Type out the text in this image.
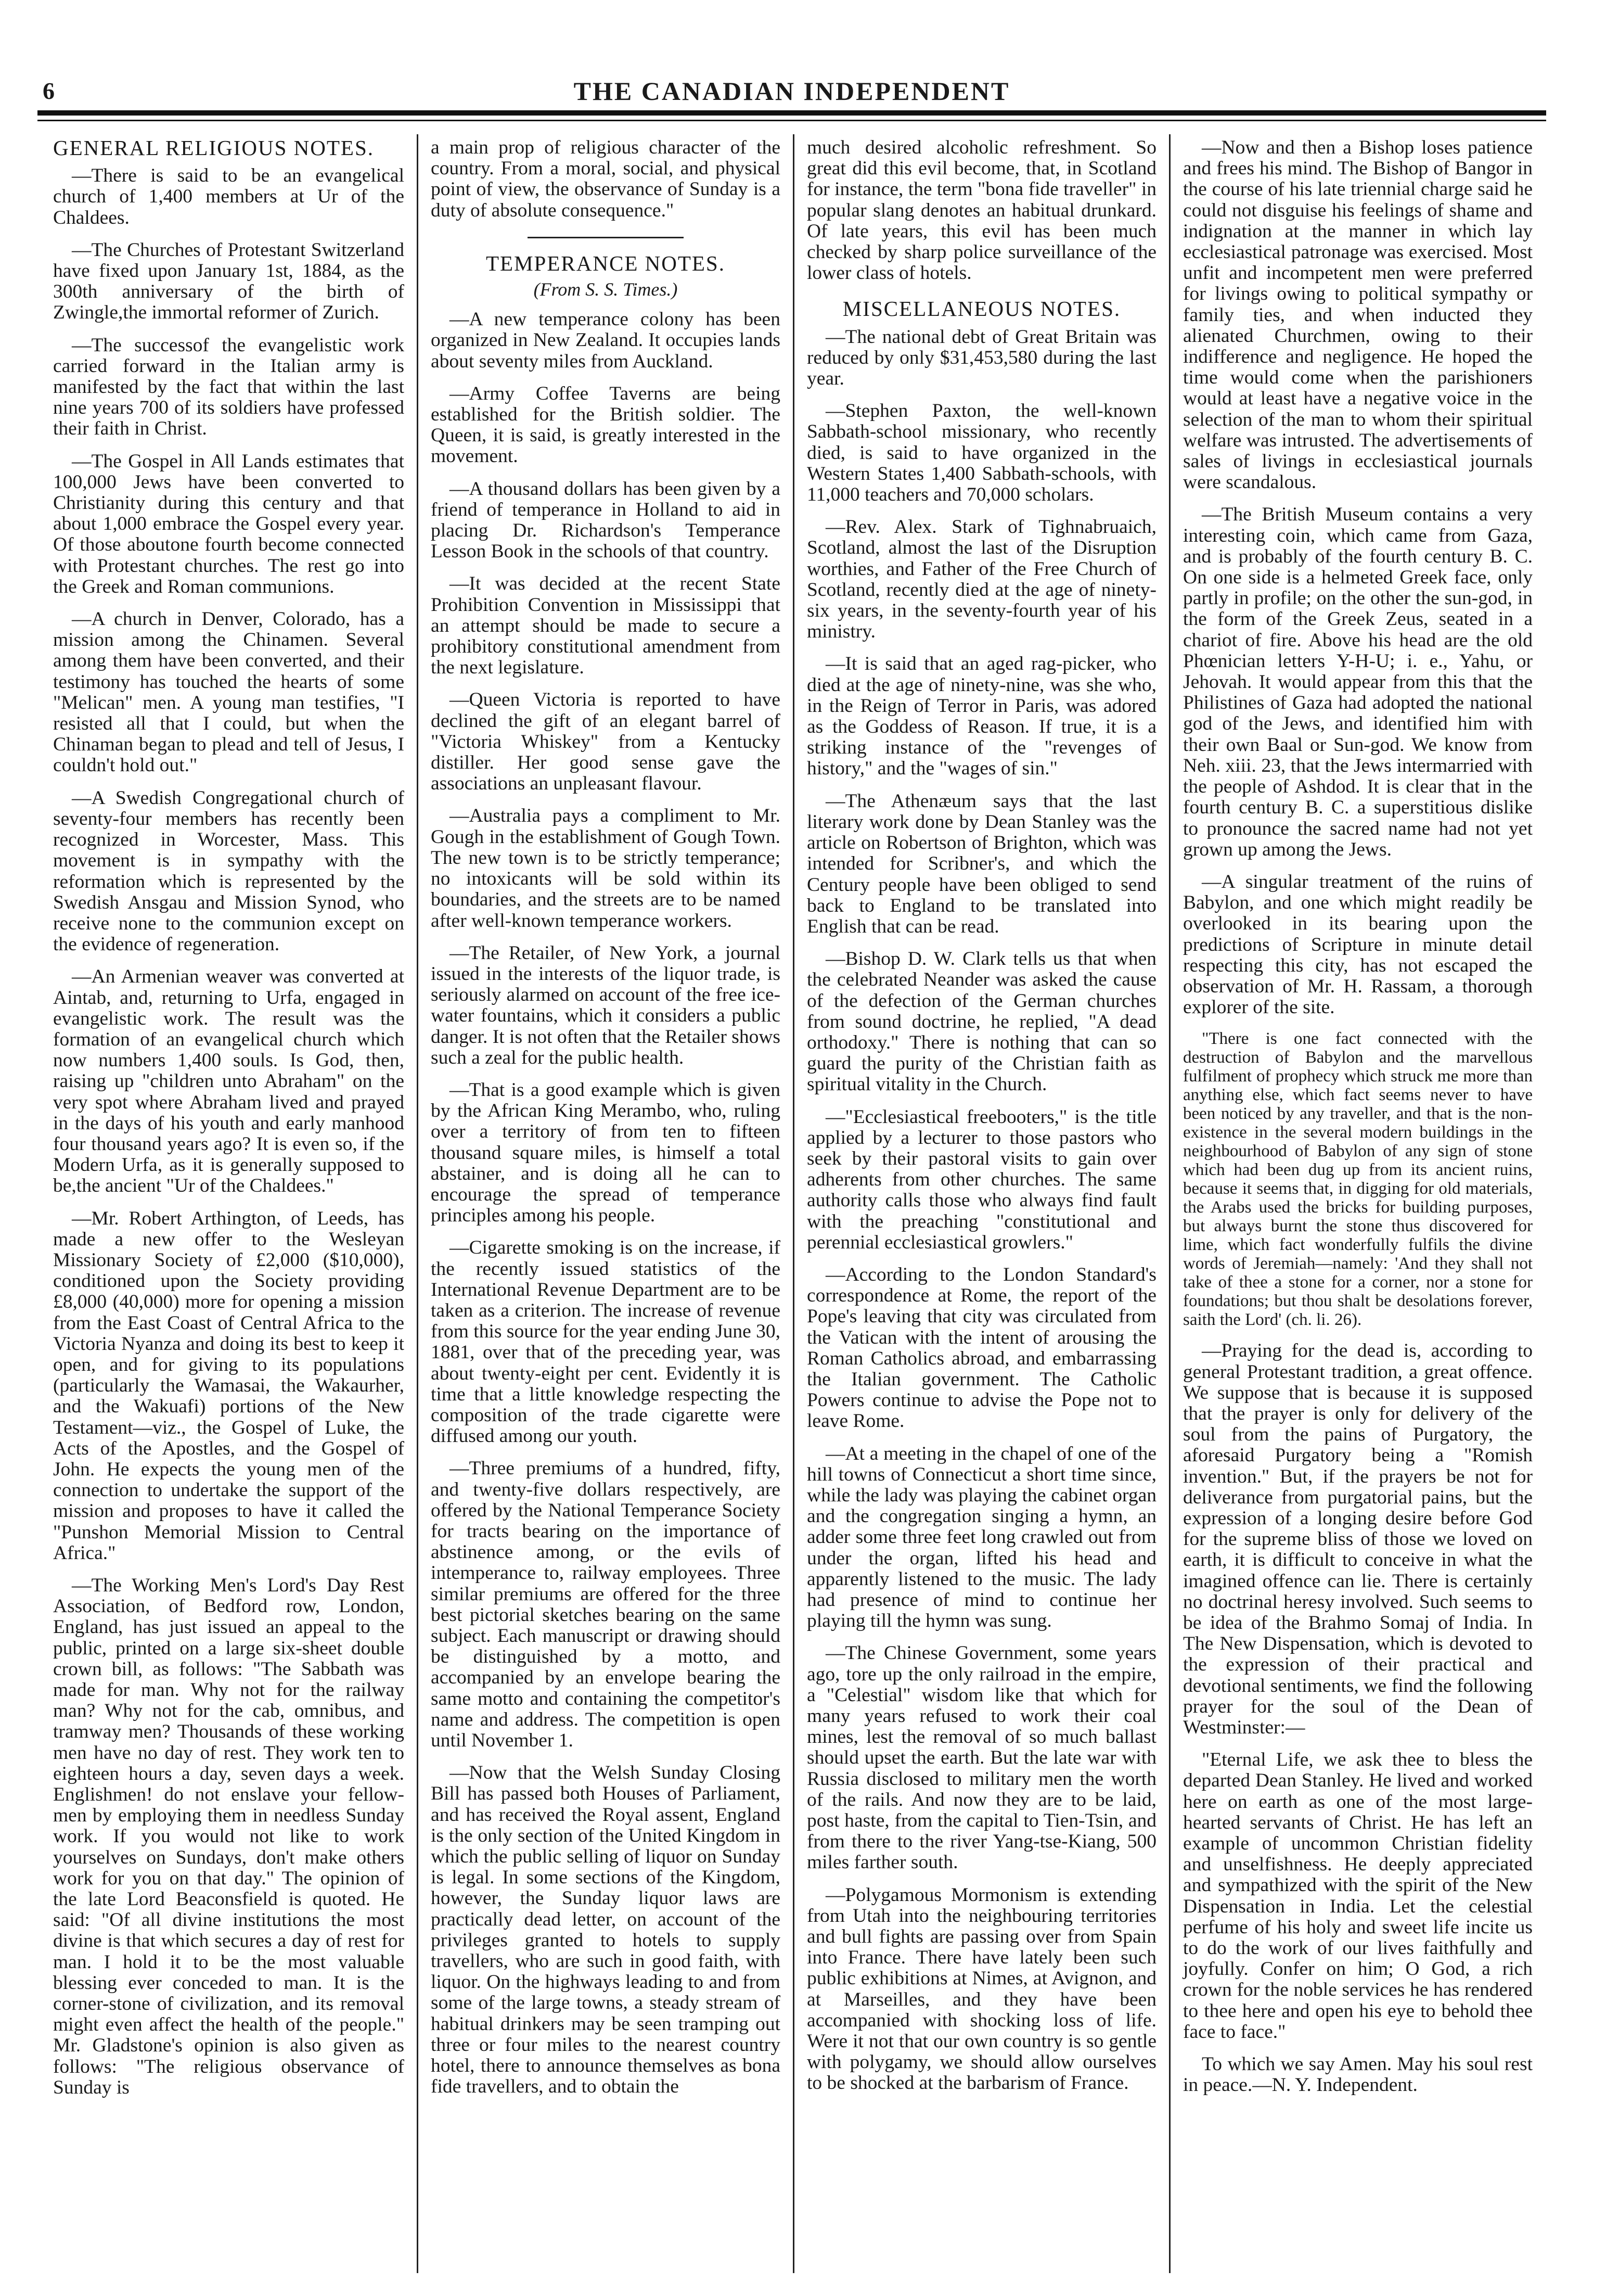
6	THE CANADIAN INDEPENDENT
GENERAL RELIGIOUS NOTES.

—There is said to be an evangelical church of 1,400 members at Ur of the Chaldees.

—The Churches of Protestant Switzerland have fixed upon January 1st, 1884, as the 300th anniversary of the birth of Zwingle,the immortal reformer of Zurich.

—The successof the evangelistic work carried forward in the Italian army is manifested by the fact that within the last nine years 700 of its soldiers have professed their faith in Christ.

—The Gospel in All Lands estimates that 100,000 Jews have been converted to Christianity during this century and that about 1,000 embrace the Gospel every year. Of those aboutone fourth become connected with Protestant churches. The rest go into the Greek and Roman communions.

—A church in Denver, Colorado, has a mission among the Chinamen. Several among them have been converted, and their testimony has touched the hearts of some "Melican" men. A young man testifies, "I resisted all that I could, but when the Chinaman began to plead and tell of Jesus, I couldn't hold out."

—A Swedish Congregational church of seventy-four members has recently been recognized in Worcester, Mass. This movement is in sympathy with the reformation which is represented by the Swedish Ansgau and Mission Synod, who receive none to the communion except on the evidence of regeneration.

—An Armenian weaver was converted at Aintab, and, returning to Urfa, engaged in evangelistic work. The result was the formation of an evangelical church which now numbers 1,400 souls. Is God, then, raising up "children unto Abraham" on the very spot where Abraham lived and prayed in the days of his youth and early manhood four thousand years ago? It is even so, if the Modern Urfa, as it is generally supposed to be,the ancient "Ur of the Chaldees."

—Mr. Robert Arthington, of Leeds, has made a new offer to the Wesleyan Missionary Society of £2,000 ($10,000), conditioned upon the Society providing £8,000 (40,000) more for opening a mission from the East Coast of Central Africa to the Victoria Nyanza and doing its best to keep it open, and for giving to its populations (particularly the Wamasai, the Wakaurher, and the Wakuafi) portions of the New Testament—viz., the Gospel of Luke, the Acts of the Apostles, and the Gospel of John. He expects the young men of the connection to undertake the support of the mission and proposes to have it called the "Punshon Memorial Mission to Central Africa."

—The Working Men's Lord's Day Rest Association, of Bedford row, London, England, has just issued an appeal to the public, printed on a large six-sheet double crown bill, as follows: "The Sabbath was made for man. Why not for the railway man? Why not for the cab, omnibus, and tramway men? Thousands of these working men have no day of rest. They work ten to eighteen hours a day, seven days a week. Englishmen! do not enslave your fellow-men by employing them in needless Sunday work. If you would not like to work yourselves on Sundays, don't make others work for you on that day." The opinion of the late Lord Beaconsfield is quoted. He said: "Of all divine institutions the most divine is that which secures a day of rest for man. I hold it to be the most valuable blessing ever conceded to man. It is the corner-stone of civilization, and its removal might even affect the health of the people." Mr. Gladstone's opinion is also given as follows: "The religious observance of Sunday is

a main prop of religious character of the country. From a moral, social, and physical point of view, the observance of Sunday is a duty of absolute consequence."

TEMPERANCE NOTES.
(From S. S. Times.)

—A new temperance colony has been organized in New Zealand. It occupies lands about seventy miles from Auckland.

—Army Coffee Taverns are being established for the British soldier. The Queen, it is said, is greatly interested in the movement.

—A thousand dollars has been given by a friend of temperance in Holland to aid in placing Dr. Richardson's Temperance Lesson Book in the schools of that country.

—It was decided at the recent State Prohibition Convention in Mississippi that an attempt should be made to secure a prohibitory constitutional amendment from the next legislature.

—Queen Victoria is reported to have declined the gift of an elegant barrel of "Victoria Whiskey" from a Kentucky distiller. Her good sense gave the associations an unpleasant flavour.

—Australia pays a compliment to Mr. Gough in the establishment of Gough Town. The new town is to be strictly temperance; no intoxicants will be sold within its boundaries, and the streets are to be named after well-known temperance workers.

—The Retailer, of New York, a journal issued in the interests of the liquor trade, is seriously alarmed on account of the free ice-water fountains, which it considers a public danger. It is not often that the Retailer shows such a zeal for the public health.

—That is a good example which is given by the African King Merambo, who, ruling over a territory of from ten to fifteen thousand square miles, is himself a total abstainer, and is doing all he can to encourage the spread of temperance principles among his people.

—Cigarette smoking is on the increase, if the recently issued statistics of the International Revenue Department are to be taken as a criterion. The increase of revenue from this source for the year ending June 30, 1881, over that of the preceding year, was about twenty-eight per cent. Evidently it is time that a little knowledge respecting the composition of the trade cigarette were diffused among our youth.

—Three premiums of a hundred, fifty, and twenty-five dollars respectively, are offered by the National Temperance Society for tracts bearing on the importance of abstinence among, or the evils of intemperance to, railway employees. Three similar premiums are offered for the three best pictorial sketches bearing on the same subject. Each manuscript or drawing should be distinguished by a motto, and accompanied by an envelope bearing the same motto and containing the competitor's name and address. The competition is open until November 1.

—Now that the Welsh Sunday Closing Bill has passed both Houses of Parliament, and has received the Royal assent, England is the only section of the United Kingdom in which the public selling of liquor on Sunday is legal. In some sections of the Kingdom, however, the Sunday liquor laws are practically dead letter, on account of the privileges granted to hotels to supply travellers, who are such in good faith, with liquor. On the highways leading to and from some of the large towns, a steady stream of habitual drinkers may be seen tramping out three or four miles to the nearest country hotel, there to announce themselves as bona fide travellers, and to obtain the

much desired alcoholic refreshment. So great did this evil become, that, in Scotland for instance, the term "bona fide traveller" in popular slang denotes an habitual drunkard. Of late years, this evil has been much checked by sharp police surveillance of the lower class of hotels.

MISCELLANEOUS NOTES.

—The national debt of Great Britain was reduced by only $31,453,580 during the last year.

—Stephen Paxton, the well-known Sabbath-school missionary, who recently died, is said to have organized in the Western States 1,400 Sabbath-schools, with 11,000 teachers and 70,000 scholars.

—Rev. Alex. Stark of Tighnabruaich, Scotland, almost the last of the Disruption worthies, and Father of the Free Church of Scotland, recently died at the age of ninety-six years, in the seventy-fourth year of his ministry.

—It is said that an aged rag-picker, who died at the age of ninety-nine, was she who, in the Reign of Terror in Paris, was adored as the Goddess of Reason. If true, it is a striking instance of the "revenges of history," and the "wages of sin."

—The Athenæum says that the last literary work done by Dean Stanley was the article on Robertson of Brighton, which was intended for Scribner's, and which the Century people have been obliged to send back to England to be translated into English that can be read.

—Bishop D. W. Clark tells us that when the celebrated Neander was asked the cause of the defection of the German churches from sound doctrine, he replied, "A dead orthodoxy." There is nothing that can so guard the purity of the Christian faith as spiritual vitality in the Church.

—"Ecclesiastical freebooters," is the title applied by a lecturer to those pastors who seek by their pastoral visits to gain over adherents from other churches. The same authority calls those who always find fault with the preaching "constitutional and perennial ecclesiastical growlers."

—According to the London Standard's correspondence at Rome, the report of the Pope's leaving that city was circulated from the Vatican with the intent of arousing the Roman Catholics abroad, and embarrassing the Italian government. The Catholic Powers continue to advise the Pope not to leave Rome.

—At a meeting in the chapel of one of the hill towns of Connecticut a short time since, while the lady was playing the cabinet organ and the congregation singing a hymn, an adder some three feet long crawled out from under the organ, lifted his head and apparently listened to the music. The lady had presence of mind to continue her playing till the hymn was sung.

—The Chinese Government, some years ago, tore up the only railroad in the empire, a "Celestial" wisdom like that which for many years refused to work their coal mines, lest the removal of so much ballast should upset the earth. But the late war with Russia disclosed to military men the worth of the rails. And now they are to be laid, post haste, from the capital to Tien-Tsin, and from there to the river Yang-tse-Kiang, 500 miles farther south.

—Polygamous Mormonism is extending from Utah into the neighbouring territories and bull fights are passing over from Spain into France. There have lately been such public exhibitions at Nimes, at Avignon, and at Marseilles, and they have been accompanied with shocking loss of life. Were it not that our own country is so gentle with polygamy, we should allow ourselves to be shocked at the barbarism of France.

—Now and then a Bishop loses patience and frees his mind. The Bishop of Bangor in the course of his late triennial charge said he could not disguise his feelings of shame and indignation at the manner in which lay ecclesiastical patronage was exercised. Most unfit and incompetent men were preferred for livings owing to political sympathy or family ties, and when inducted they alienated Churchmen, owing to their indifference and negligence. He hoped the time would come when the parishioners would at least have a negative voice in the selection of the man to whom their spiritual welfare was intrusted. The advertisements of sales of livings in ecclesiastical journals were scandalous.

—The British Museum contains a very interesting coin, which came from Gaza, and is probably of the fourth century B. C. On one side is a helmeted Greek face, only partly in profile; on the other the sun-god, in the form of the Greek Zeus, seated in a chariot of fire. Above his head are the old Phœnician letters Y-H-U; i. e., Yahu, or Jehovah. It would appear from this that the Philistines of Gaza had adopted the national god of the Jews, and identified him with their own Baal or Sun-god. We know from Neh. xiii. 23, that the Jews intermarried with the people of Ashdod. It is clear that in the fourth century B. C. a superstitious dislike to pronounce the sacred name had not yet grown up among the Jews.

—A singular treatment of the ruins of Babylon, and one which might readily be overlooked in its bearing upon the predictions of Scripture in minute detail respecting this city, has not escaped the observation of Mr. H. Rassam, a thorough explorer of the site.

"There is one fact connected with the destruction of Babylon and the marvellous fulfilment of prophecy which struck me more than anything else, which fact seems never to have been noticed by any traveller, and that is the non-existence in the several modern buildings in the neighbourhood of Babylon of any sign of stone which had been dug up from its ancient ruins, because it seems that, in digging for old materials, the Arabs used the bricks for building purposes, but always burnt the stone thus discovered for lime, which fact wonderfully fulfils the divine words of Jeremiah—namely: 'And they shall not take of thee a stone for a corner, nor a stone for foundations; but thou shalt be desolations forever, saith the Lord' (ch. li. 26).

—Praying for the dead is, according to general Protestant tradition, a great offence. We suppose that is because it is supposed that the prayer is only for delivery of the soul from the pains of Purgatory, the aforesaid Purgatory being a "Romish invention." But, if the prayers be not for deliverance from purgatorial pains, but the expression of a longing desire before God for the supreme bliss of those we loved on earth, it is difficult to conceive in what the imagined offence can lie. There is certainly no doctrinal heresy involved. Such seems to be idea of the Brahmo Somaj of India. In The New Dispensation, which is devoted to the expression of their practical and devotional sentiments, we find the following prayer for the soul of the Dean of Westminster:—

"Eternal Life, we ask thee to bless the departed Dean Stanley. He lived and worked here on earth as one of the most large-hearted servants of Christ. He has left an example of uncommon Christian fidelity and unselfishness. He deeply appreciated and sympathized with the spirit of the New Dispensation in India. Let the celestial perfume of his holy and sweet life incite us to do the work of our lives faithfully and joyfully. Confer on him; O God, a rich crown for the noble services he has rendered to thee here and open his eye to behold thee face to face."

To which we say Amen. May his soul rest in peace.—N. Y. Independent.
